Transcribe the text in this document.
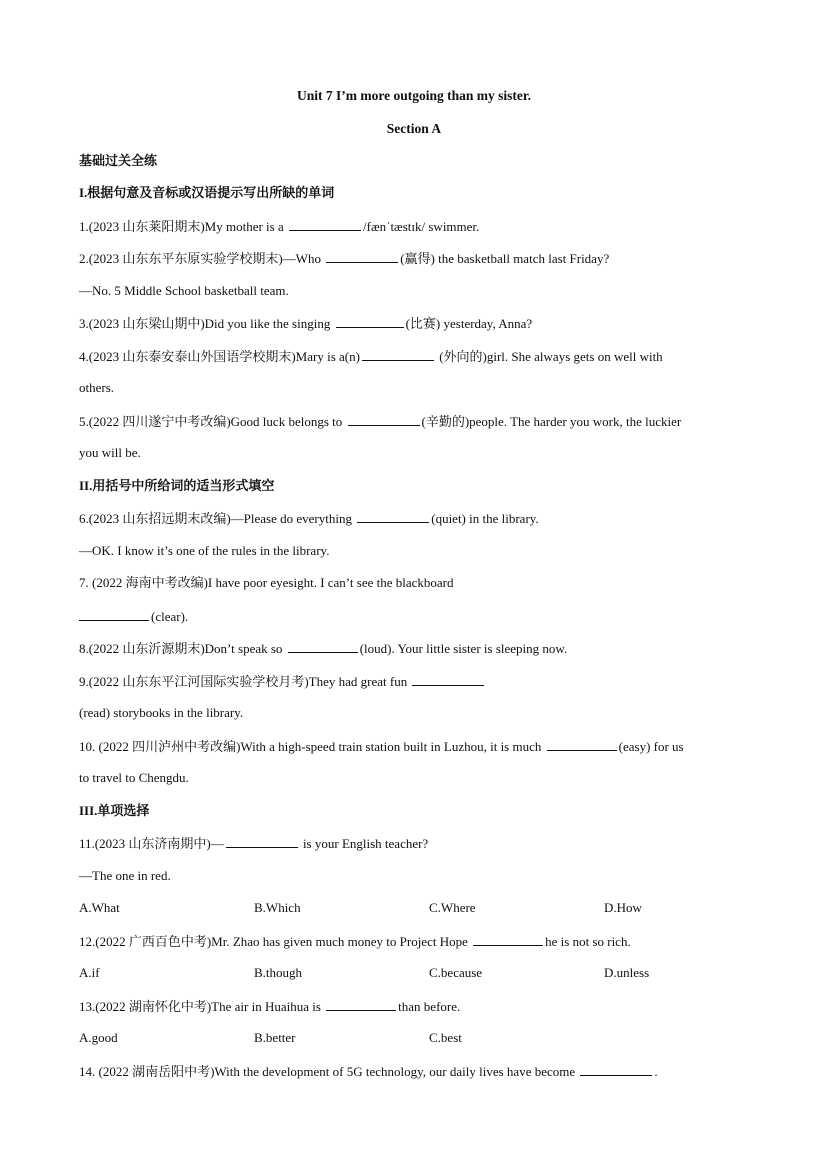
Unit 7 I’m more outgoing than my sister.
Section A
基础过关全练
I.根据句意及音标或汉语提示写出所缺的单词
1.(2023 山东莱阳期末)My mother is a	/fænˈtæstɪk/ swimmer.
2.(2023 山东东平东原实验学校期末)—Who	(赢得) the basketball match last Friday?
—No. 5 Middle School basketball team.
3.(2023 山东梁山期中)Did you like the singing	(比赛) yesterday, Anna?
4.(2023 山东泰安泰山外国语学校期末)Mary is a(n)	(外向的)girl. She always gets on well with
others.
5.(2022 四川遂宁中考改编)Good luck belongs to	(辛勤的)people. The harder you work, the luckier
you will be.
II.用括号中所给词的适当形式填空
6.(2023 山东招远期末改编)—Please do everything	(quiet) in the library.
—OK. I know it’s one of the rules in the library.
7. (2022 海南中考改编)I have poor eyesight. I can’t see the blackboard
(clear).
8.(2022 山东沂源期末)Don’t speak so	(loud). Your little sister is sleeping now.
9.(2022 山东东平江河国际实验学校月考)They had great fun
(read) storybooks in the library.
10. (2022 四川泸州中考改编)With a high-speed train station built in Luzhou, it is much	(easy) for us
to travel to Chengdu.
III.单项选择
11.(2023 山东济南期中)—	is your English teacher?
—The one in red.
A.What	B.Which	C.Where	D.How
12.(2022 广西百色中考)Mr. Zhao has given much money to Project Hope	he is not so rich.
A.if	B.though	C.because	D.unless
13.(2022 湖南怀化中考)The air in Huaihua is	than before.
A.good	B.better	C.best
14. (2022 湖南岳阳中考)With the development of 5G technology, our daily lives have become	.
